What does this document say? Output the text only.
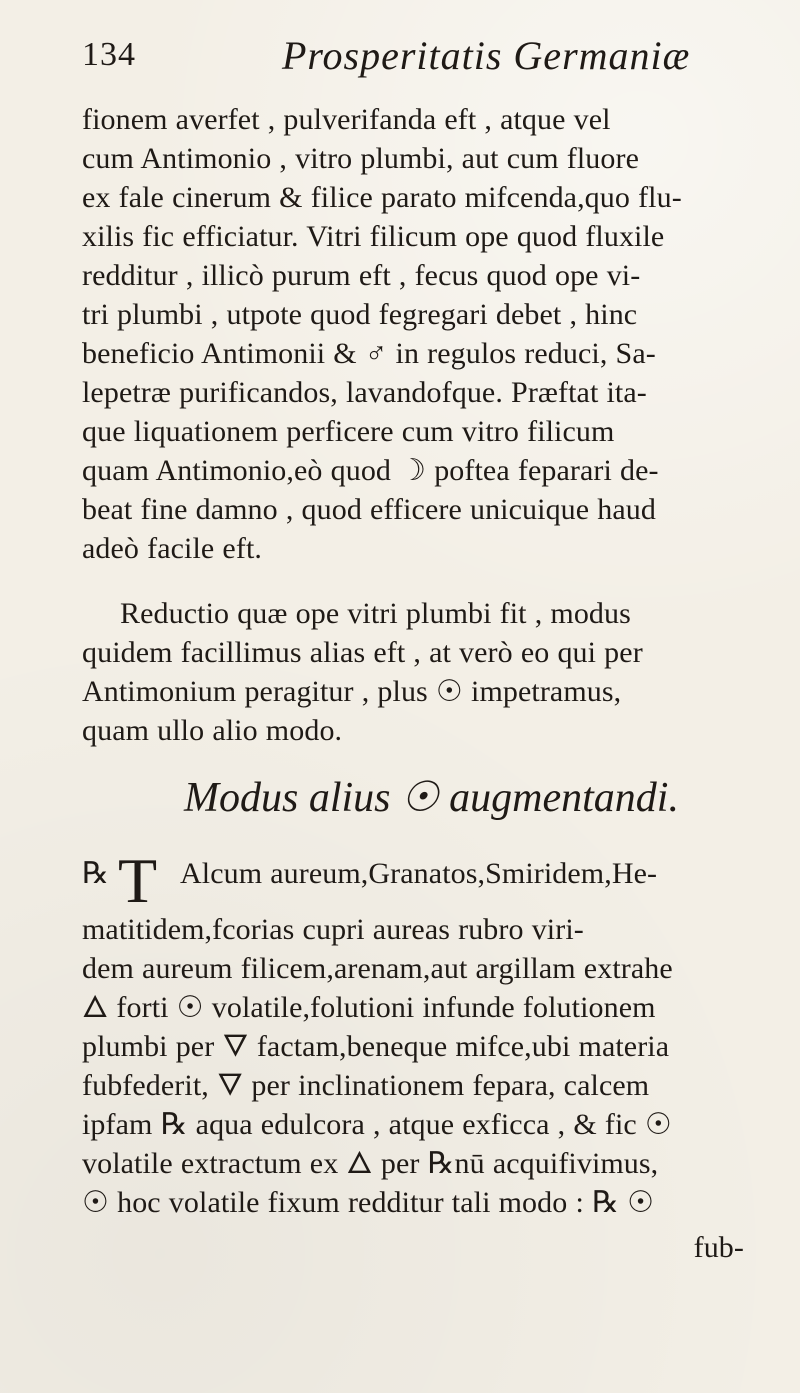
134	Prosperitatis Germaniæ
fionem averfet , pulverifanda eft , atque vel
cum Antimonio , vitro plumbi, aut cum fluore
ex fale cinerum & filice parato mifcenda,quo flu-
xilis fic efficiatur. Vitri filicum ope quod fluxile
redditur , illicò purum eft , fecus quod ope vi-
tri plumbi , utpote quod fegregari debet , hinc
beneficio Antimonii & ♂ in regulos reduci, Sa-
lepetræ purificandos, lavandofque. Præftat ita-
que liquationem perficere cum vitro filicum
quam Antimonio,eò quod ☽ poftea feparari de-
beat fine damno , quod efficere unicuique haud
adeò facile eft.
Reductio quæ ope vitri plumbi fit , modus
quidem facillimus alias eft , at verò eo qui per
Antimonium peragitur , plus ☉ impetramus,
quam ullo alio modo.
Modus alius ☉ augmentandi.
℞ T Alcum aureum,Granatos,Smiridem,He-
matitidem,fcorias cupri aureas rubro viri-
dem aureum filicem,arenam,aut argillam extrahe
🜂 forti ☉ volatile,folutioni infunde folutionem
plumbi per 🜄 factam,beneque mifce,ubi materia
fubfederit, 🜄 per inclinationem fepara, calcem
ipfam ℞ aqua edulcora , atque exficca , & fic ☉
volatile extractum ex 🜂 per ℞nū acquifivimus,
☉ hoc volatile fixum redditur tali modo : ℞ ☉
fub-
